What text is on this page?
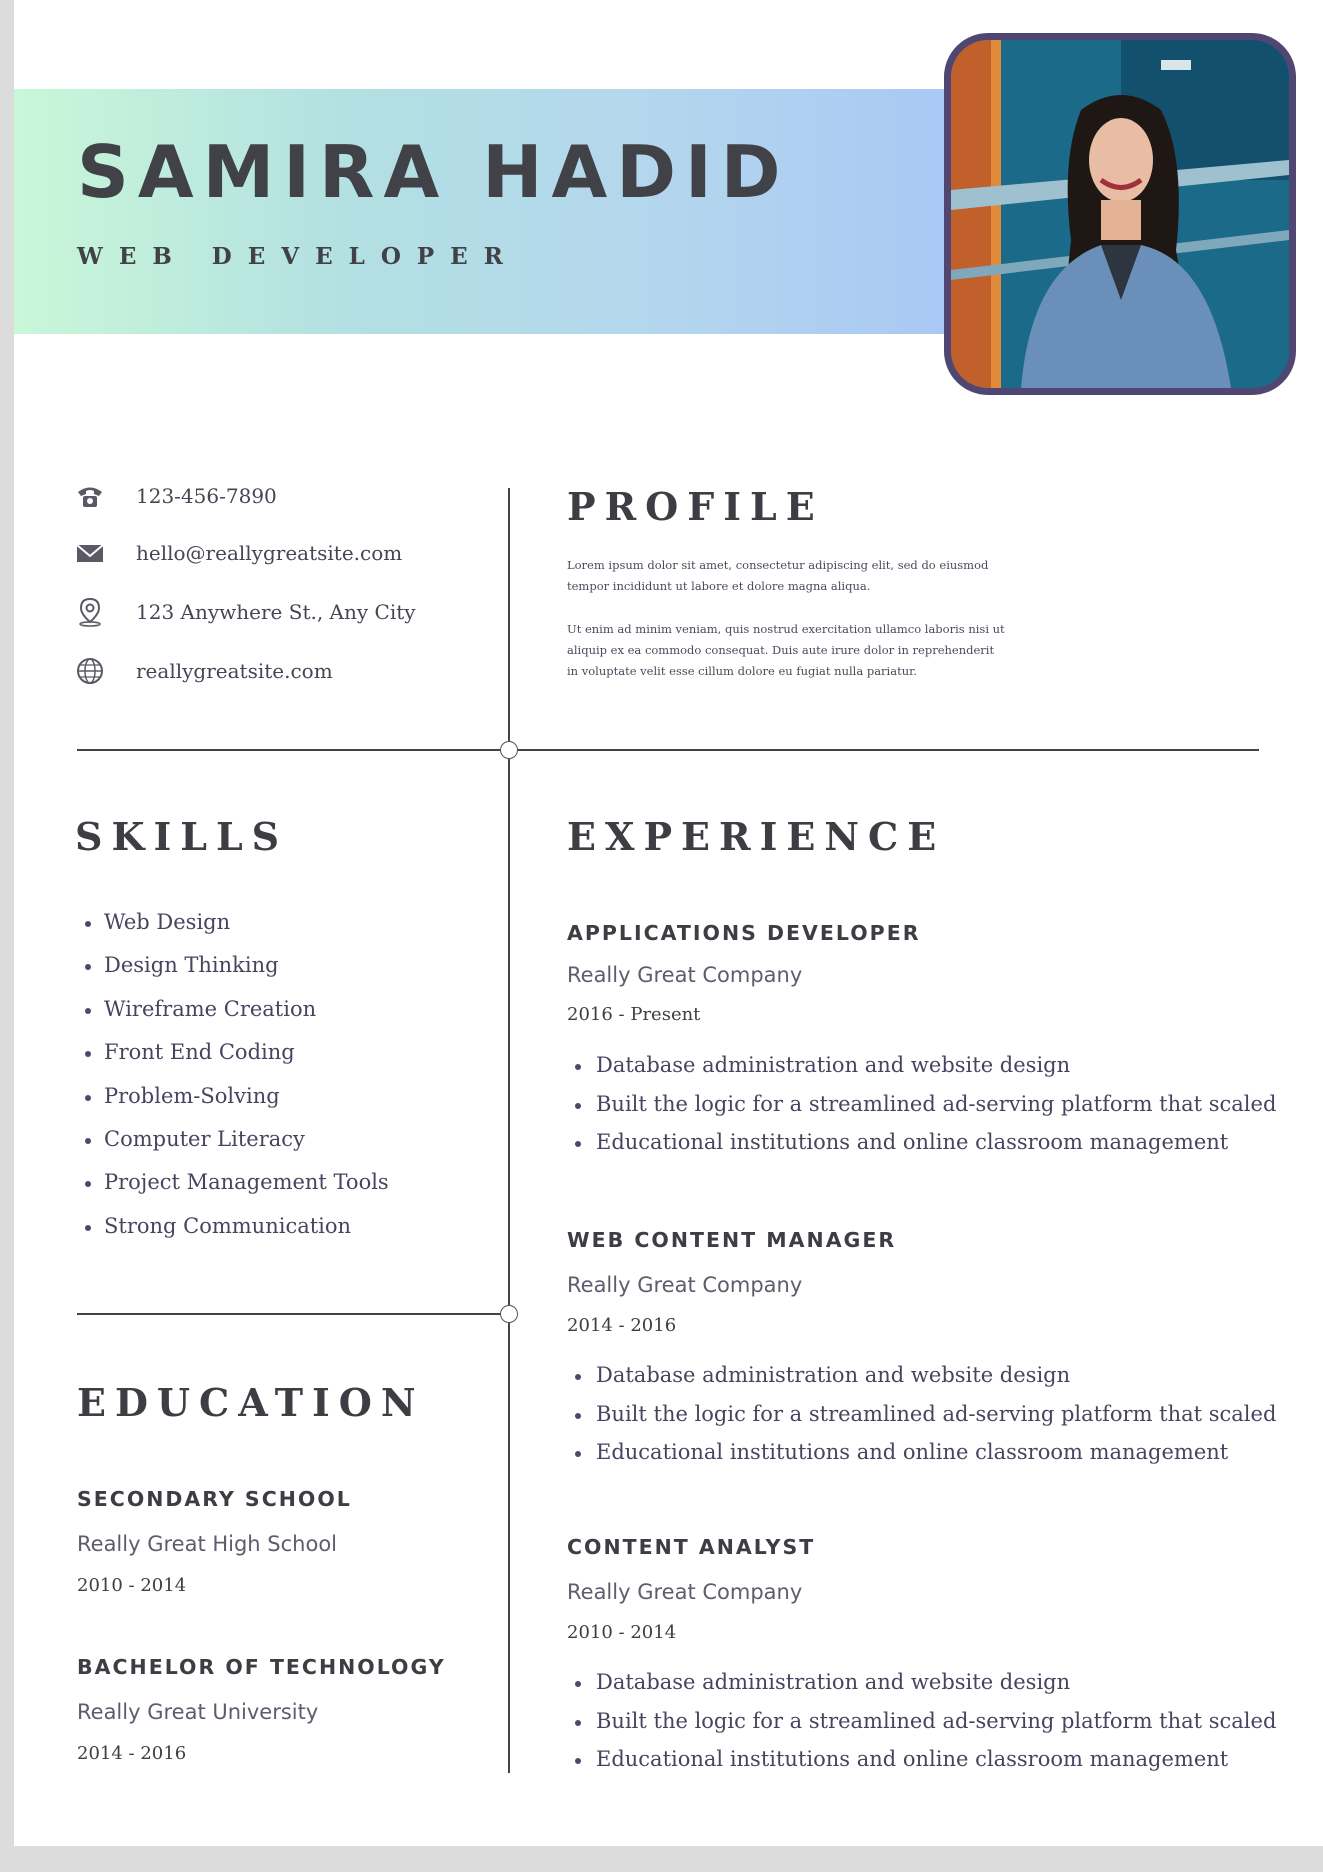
SAMIRA HADID

WEB DEVELOPER

123-456-7890
hello@reallygreatsite.com
123 Anywhere St., Any City
reallygreatsite.com
PROFILE

Lorem ipsum dolor sit amet, consectetur adipiscing elit, sed do eiusmod tempor incididunt ut labore et dolore magna aliqua.

Ut enim ad minim veniam, quis nostrud exercitation ullamco laboris nisi ut aliquip ex ea commodo consequat. Duis aute irure dolor in reprehenderit in voluptate velit esse cillum dolore eu fugiat nulla pariatur.

SKILLS
Web Design
Design Thinking
Wireframe Creation
Front End Coding
Problem-Solving
Computer Literacy
Project Management Tools
Strong Communication
EDUCATION

SECONDARY SCHOOL

Really Great High School

2010 - 2014

BACHELOR OF TECHNOLOGY

Really Great University

2014 - 2016

EXPERIENCE

APPLICATIONS DEVELOPER

Really Great Company

2016 - Present

Database administration and website design
Built the logic for a streamlined ad-serving platform that scaled
Educational institutions and online classroom management

WEB CONTENT MANAGER

Really Great Company

2014 - 2016

Database administration and website design
Built the logic for a streamlined ad-serving platform that scaled
Educational institutions and online classroom management

CONTENT ANALYST

Really Great Company

2010 - 2014

Database administration and website design
Built the logic for a streamlined ad-serving platform that scaled
Educational institutions and online classroom management
